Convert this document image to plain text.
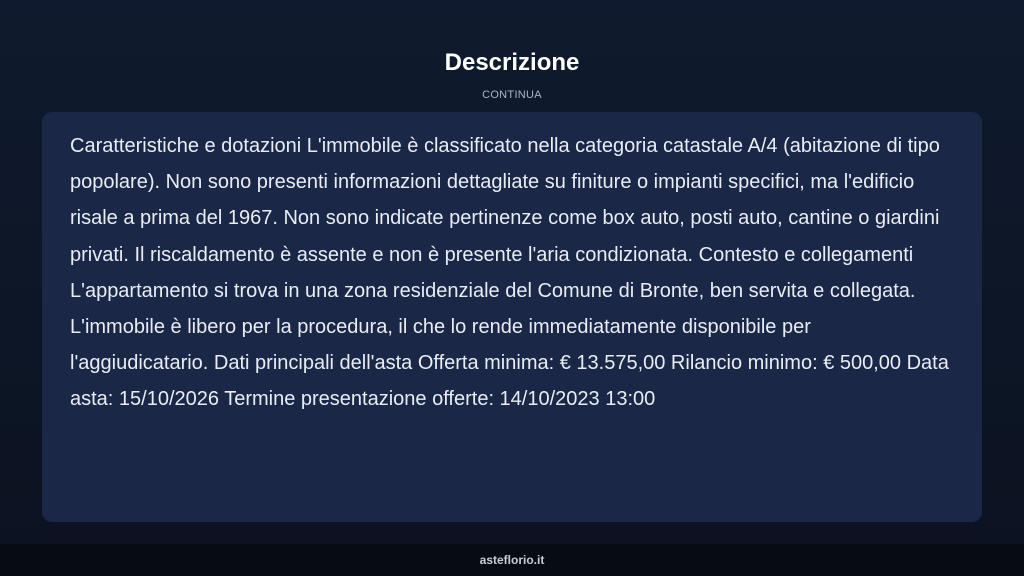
Descrizione
CONTINUA

Caratteristiche e dotazioni L'immobile è classificato nella categoria catastale A/4 (abitazione di tipo popolare). Non sono presenti informazioni dettagliate su finiture o impianti specifici, ma l'edificio risale a prima del 1967. Non sono indicate pertinenze come box auto, posti auto, cantine o giardini privati. Il riscaldamento è assente e non è presente l'aria condizionata. Contesto e collegamenti L'appartamento si trova in una zona residenziale del Comune di Bronte, ben servita e collegata. L'immobile è libero per la procedura, il che lo rende immediatamente disponibile per l'aggiudicatario. Dati principali dell'asta Offerta minima: € 13.575,00 Rilancio minimo: € 500,00 Data asta: 15/10/2026 Termine presentazione offerte: 14/10/2023 13:00

asteflorio.it
